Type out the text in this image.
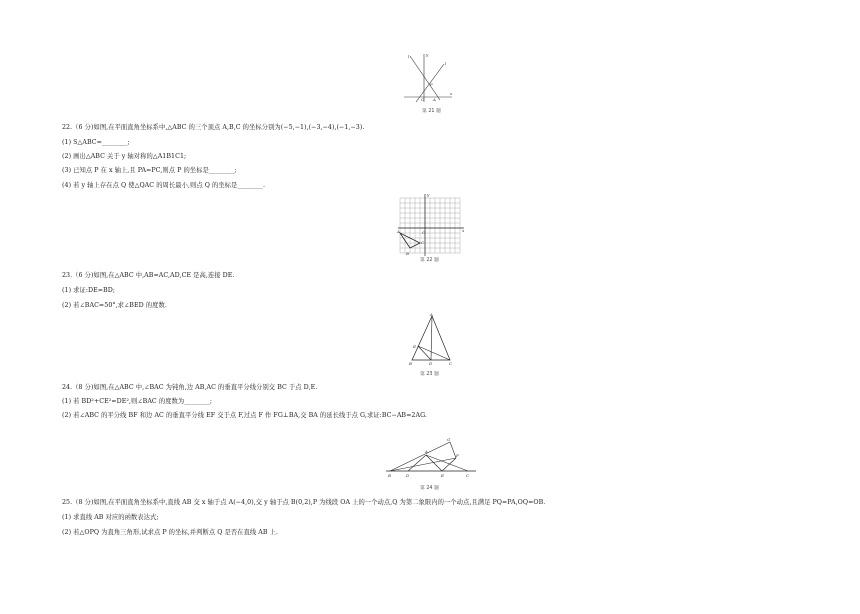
l
l
y
x
O A
P
第 21 题
22.（6 分)如图,在平面直角坐标系中,△ABC 的三个顶点 A,B,C 的坐标分别为(−5,−1),(−3,−4),(−1,−3).
(1) S△ABC=________;
(2) 画出△ABC 关于 y 轴对称的△A1B1C1;
(3) 已知点 P 在 x 轴上,且 PA=PC,则点 P 的坐标是________;
(4) 若 y 轴上存在点 Q 使△QAC 的周长最小,则点 Q 的坐标是________.
y
x
O
A
B
C
第 22 题
23.（6 分)如图,在△ABC 中,AB=AC,AD,CE 是高,连接 DE.
(1) 求证:DE=BD;
(2) 若∠BAC=50°,求∠BED 的度数.
A
E
B	D	C
第 23 题
24.（8 分)如图,在△ABC 中,∠BAC 为钝角,边 AB,AC 的垂直平分线分别交 BC 于点 D,E.
(1) 若 BD²+CE²=DE²,则∠BAC 的度数为________;
(2) 若∠ABC 的平分线 BF 和边 AC 的垂直平分线 EF 交于点 F,过点 F 作 FG⊥BA,交 BA 的延长线于点 G,求证:BC−AB=2AG.
G
A
F
B	D	E	C
第 24 题
25.（8 分)如图,在平面直角坐标系中,直线 AB 交 x 轴于点 A(−4,0),交 y 轴于点 B(0,2),P 为线段 OA 上的一个动点,Q 为第二象限内的一个动点,且满足 PQ=PA,OQ=OB.
(1) 求直线 AB 对应的函数表达式;
(2) 若△OPQ 为直角三角形,试求点 P 的坐标,并判断点 Q 是否在直线 AB 上.
